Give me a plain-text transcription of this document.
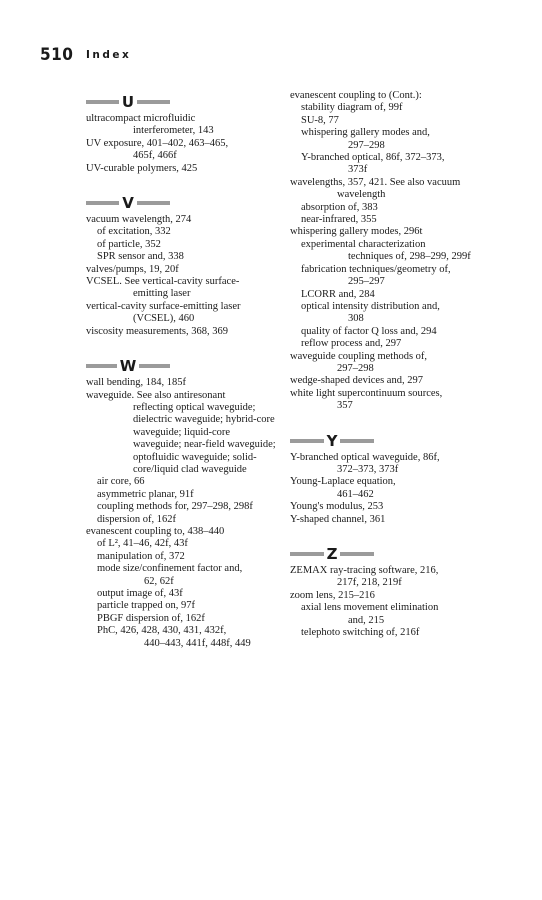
510 Index
U
ultracompact microfluidic
interferometer, 143
UV exposure, 401–402, 463–465,
465f, 466f
UV-curable polymers, 425
V
vacuum wavelength, 274
of excitation, 332
of particle, 352
SPR sensor and, 338
valves/pumps, 19, 20f
VCSEL. See vertical-cavity surface-
emitting laser
vertical-cavity surface-emitting laser
(VCSEL), 460
viscosity measurements, 368, 369
W
wall bending, 184, 185f
waveguide. See also antiresonant
reflecting optical waveguide;
dielectric waveguide; hybrid-core
waveguide; liquid-core
waveguide; near-field waveguide;
optofluidic waveguide; solid-
core/liquid clad waveguide
air core, 66
asymmetric planar, 91f
coupling methods for, 297–298, 298f
dispersion of, 162f
evanescent coupling to, 438–440
of L², 41–46, 42f, 43f
manipulation of, 372
mode size/confinement factor and,
62, 62f
output image of, 43f
particle trapped on, 97f
PBGF dispersion of, 162f
PhC, 426, 428, 430, 431, 432f,
440–443, 441f, 448f, 449
evanescent coupling to (Cont.):
stability diagram of, 99f
SU-8, 77
whispering gallery modes and,
297–298
Y-branched optical, 86f, 372–373,
373f
wavelengths, 357, 421. See also vacuum
wavelength
absorption of, 383
near-infrared, 355
whispering gallery modes, 296t
experimental characterization
techniques of, 298–299, 299f
fabrication techniques/geometry of,
295–297
LCORR and, 284
optical intensity distribution and,
308
quality of factor Q loss and, 294
reflow process and, 297
waveguide coupling methods of,
297–298
wedge-shaped devices and, 297
white light supercontinuum sources,
357
Y
Y-branched optical waveguide, 86f,
372–373, 373f
Young-Laplace equation,
461–462
Young's modulus, 253
Y-shaped channel, 361
Z
ZEMAX ray-tracing software, 216,
217f, 218, 219f
zoom lens, 215–216
axial lens movement elimination
and, 215
telephoto switching of, 216f
